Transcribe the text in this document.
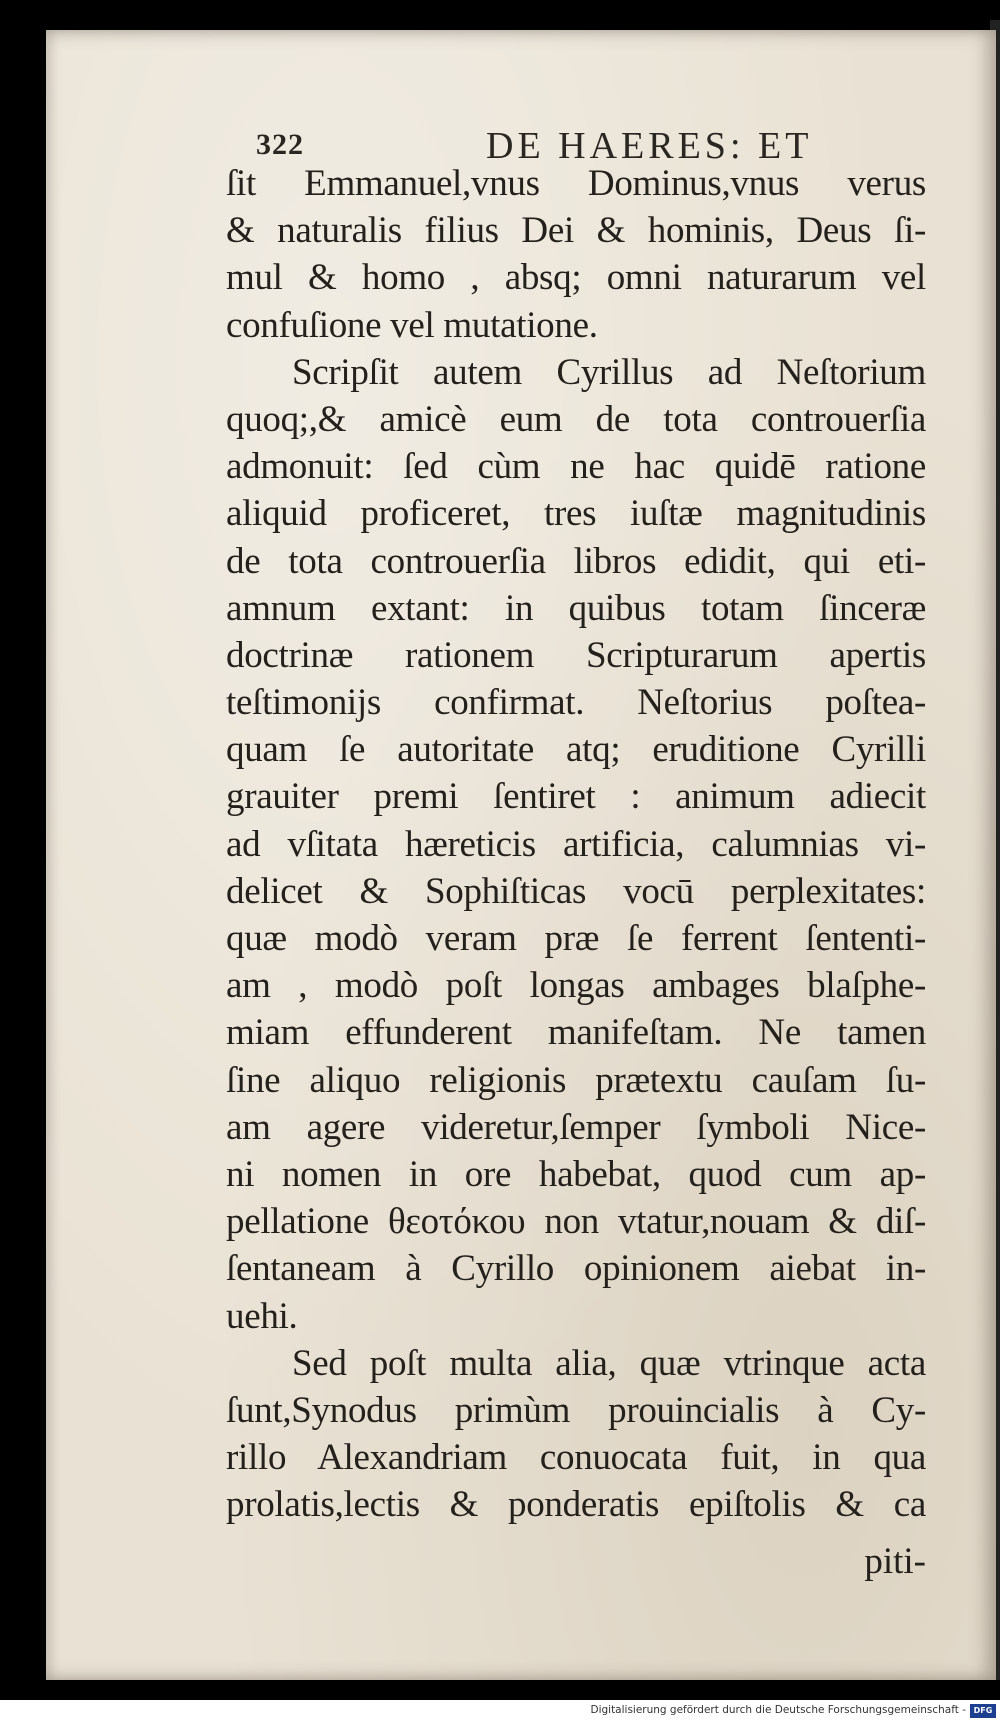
322	DE HAERES: ET
ſit Emmanuel,vnus Dominus,vnus verus
& naturalis filius Dei & hominis, Deus ſi-
mul & homo , absq; omni naturarum vel
confuſione vel mutatione.
Scripſit autem Cyrillus ad Neſtorium
quoq;,& amicè eum de tota controuerſia
admonuit: ſed cùm ne hac quidē ratione
aliquid proficeret, tres iuſtæ magnitudinis
de tota controuerſia libros edidit, qui eti-
amnum extant: in quibus totam ſinceræ
doctrinæ rationem Scripturarum apertis
teſtimonijs confirmat. Neſtorius poſtea-
quam ſe autoritate atq; eruditione Cyrilli
grauiter premi ſentiret : animum adiecit
ad vſitata hæreticis artificia, calumnias vi-
delicet & Sophiſticas vocū perplexitates:
quæ modò veram præ ſe ferrent ſententi-
am , modò poſt longas ambages blaſphe-
miam effunderent manifeſtam. Ne tamen
ſine aliquo religionis prætextu cauſam ſu-
am agere videretur,ſemper ſymboli Nice-
ni nomen in ore habebat, quod cum ap-
pellatione θεοτόκου non vtatur,nouam & diſ-
ſentaneam à Cyrillo opinionem aiebat in-
uehi.
Sed poſt multa alia, quæ vtrinque acta
ſunt,Synodus primùm prouincialis à Cy-
rillo Alexandriam conuocata fuit, in qua
prolatis,lectis & ponderatis epiſtolis & ca
piti-
Digitalisierung gefördert durch die Deutsche Forschungsgemeinschaft - DFG
